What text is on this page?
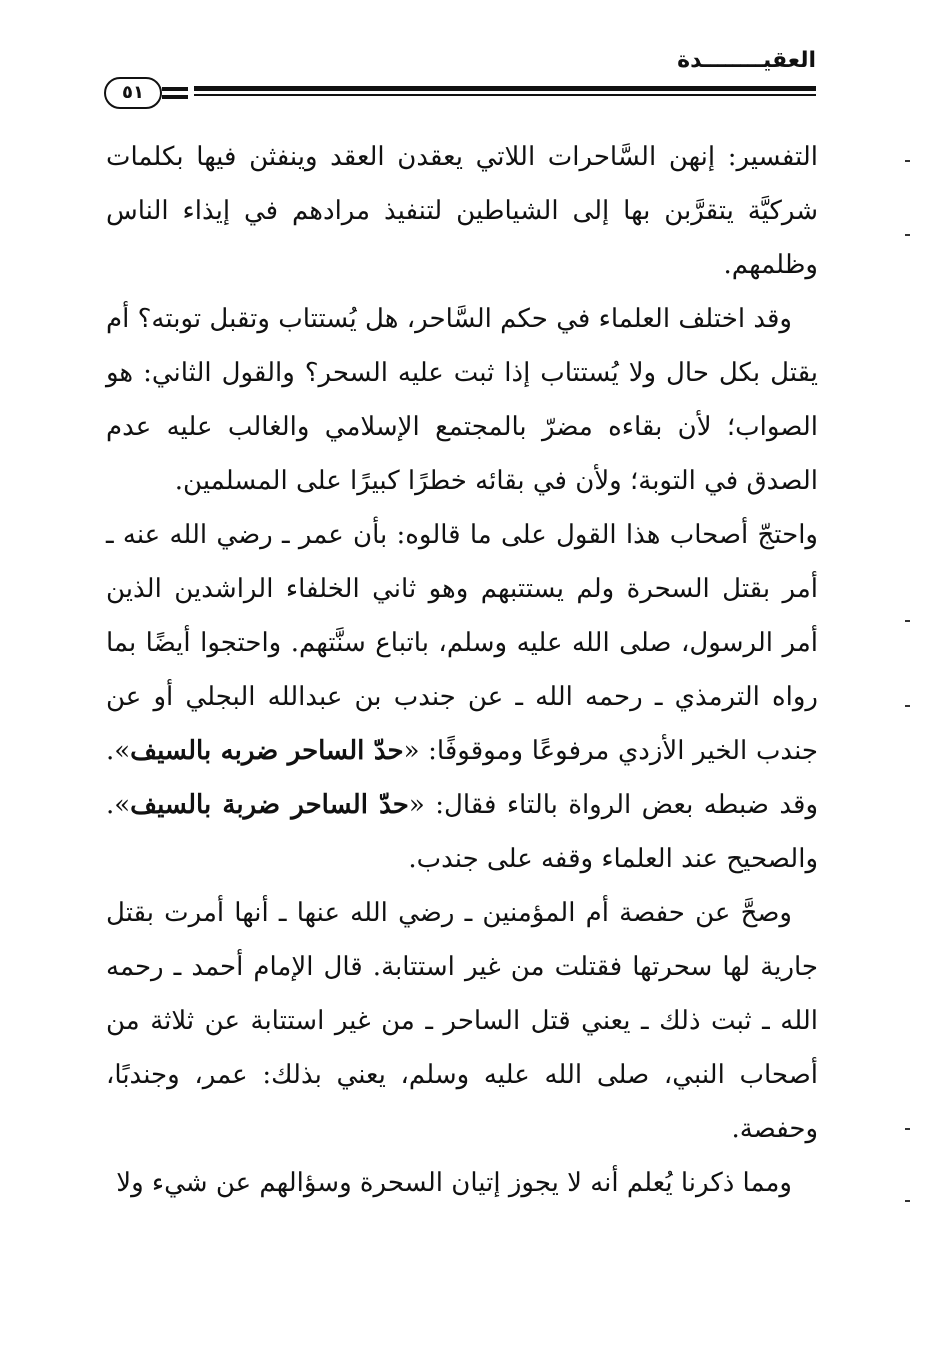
العقيــــــــدة
٥١

التفسير: إنهن السَّاحرات اللاتي يعقدن العقد وينفثن فيها بكلمات شركيَّة يتقرَّبن بها إلى الشياطين لتنفيذ مرادهم في إيذاء الناس وظلمهم.

وقد اختلف العلماء في حكم السَّاحر، هل يُستتاب وتقبل توبته؟ أم يقتل بكل حال ولا يُستتاب إذا ثبت عليه السحر؟ والقول الثاني: هو الصواب؛ لأن بقاءه مضرّ بالمجتمع الإسلامي والغالب عليه عدم الصدق في التوبة؛ ولأن في بقائه خطرًا كبيرًا على المسلمين.

واحتجّ أصحاب هذا القول على ما قالوه: بأن عمر ـ رضي الله عنه ـ أمر بقتل السحرة ولم يستتبهم وهو ثاني الخلفاء الراشدين الذين أمر الرسول، صلى الله عليه وسلم، باتباع سنَّتهم. واحتجوا أيضًا بما رواه الترمذي ـ رحمه الله ـ عن جندب بن عبدالله البجلي أو عن جندب الخير الأزدي مرفوعًا وموقوفًا: «حدّ الساحر ضربه بالسيف». وقد ضبطه بعض الرواة بالتاء فقال: «حدّ الساحر ضربة بالسيف». والصحيح عند العلماء وقفه على جندب.

وصحَّ عن حفصة أم المؤمنين ـ رضي الله عنها ـ أنها أمرت بقتل جارية لها سحرتها فقتلت من غير استتابة. قال الإمام أحمد ـ رحمه الله ـ ثبت ذلك ـ يعني قتل الساحر ـ من غير استتابة عن ثلاثة من أصحاب النبي، صلى الله عليه وسلم، يعني بذلك: عمر، وجندبًا، وحفصة.

ومما ذكرنا يُعلم أنه لا يجوز إتيان السحرة وسؤالهم عن شيء ولا
